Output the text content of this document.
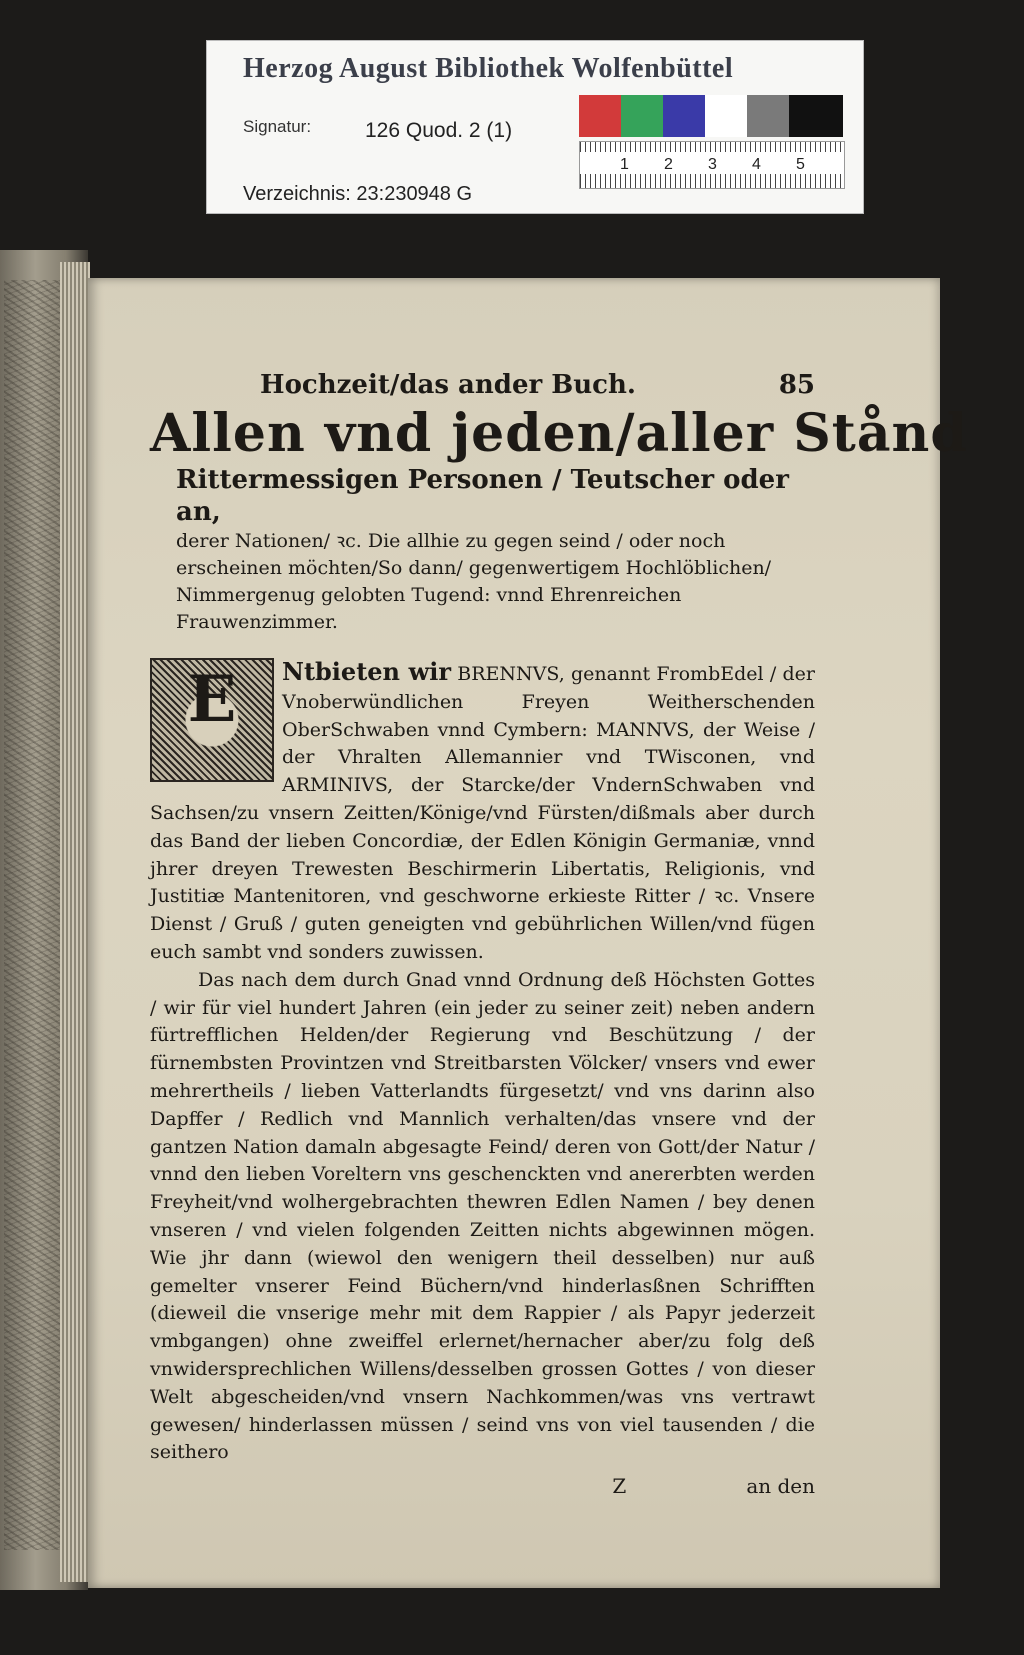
Hochzeit/das ander Buch.	85
Allen vnd jeden/aller Stånd
Rittermessigen Personen / Teutscher oder an,
derer Nationen/ ꝛc. Die allhie zu gegen seind / oder noch erscheinen möchten/So dann/ gegenwertigem Hochlöblichen/ Nimmergenug gelobten Tugend: vnnd Ehrenreichen Frauwenzimmer.
E	Ntbieten wir BRENNVS, genannt FrombEdel / der Vnoberwündlichen Freyen Weitherschenden OberSchwaben vnnd Cymbern: MANNVS, der Weise / der Vhralten Allemannier vnd TWisconen, vnd ARMINIVS, der Starcke/der VndernSchwaben vnd Sachsen/zu vnsern Zeitten/Könige/vnd Fürsten/dißmals aber durch das Band der lieben Concordiæ, der Edlen Königin Germaniæ, vnnd jhrer dreyen Trewesten Beschirmerin Libertatis, Religionis, vnd Justitiæ Mantenitoren, vnd geschworne erkieste Ritter / ꝛc. Vnsere Dienst / Gruß / guten geneigten vnd gebührlichen Willen/vnd fügen euch sambt vnd sonders zuwissen.

Das nach dem durch Gnad vnnd Ordnung deß Höchsten Gottes / wir für viel hundert Jahren (ein jeder zu seiner zeit) neben andern fürtrefflichen Helden/der Regierung vnd Beschützung / der fürnembsten Provintzen vnd Streitbarsten Völcker/ vnsers vnd ewer mehrertheils / lieben Vatterlandts fürgesetzt/ vnd vns darinn also Dapffer / Redlich vnd Mannlich verhalten/das vnsere vnd der gantzen Nation damaln abgesagte Feind/ deren von Gott/der Natur / vnnd den lieben Voreltern vns geschenckten vnd anererbten werden Freyheit/vnd wolhergebrachten thewren Edlen Namen / bey denen vnseren / vnd vielen folgenden Zeitten nichts abgewinnen mögen. Wie jhr dann (wiewol den wenigern theil desselben) nur auß gemelter vnserer Feind Büchern/vnd hinderlasßnen Schrifften (dieweil die vnserige mehr mit dem Rappier / als Papyr jederzeit vmbgangen) ohne zweiffel erlernet/hernacher aber/zu folg deß vnwidersprechlichen Willens/desselben grossen Gottes / von dieser Welt abgescheiden/vnd vnsern Nachkommen/was vns vertrawt gewesen/ hinderlassen müssen / seind vns von viel tausenden / die seithero

Z	an den
Herzog August Bibliothek Wolfenbüttel
Signatur:	126 Quod. 2 (1)
Verzeichnis: 23:230948 G
1 2 3 4 5
